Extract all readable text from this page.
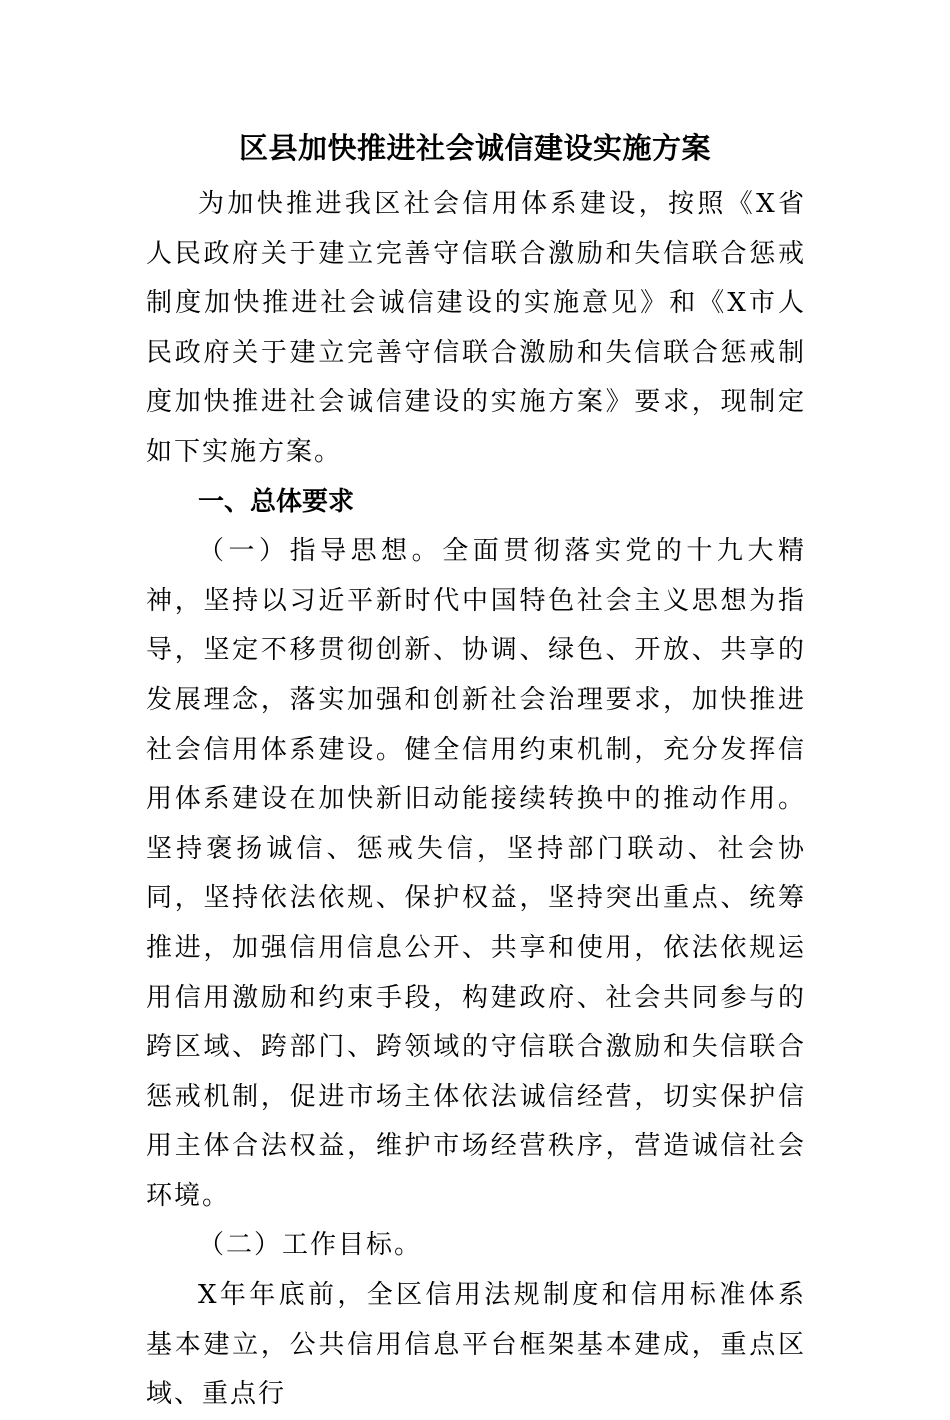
区县加快推进社会诚信建设实施方案

为加快推进我区社会信用体系建设，按照《X省人民政府关于建立完善守信联合激励和失信联合惩戒制度加快推进社会诚信建设的实施意见》和《X市人民政府关于建立完善守信联合激励和失信联合惩戒制度加快推进社会诚信建设的实施方案》要求，现制定如下实施方案。

一、总体要求

（一）指导思想。全面贯彻落实党的十九大精神，坚持以习近平新时代中国特色社会主义思想为指导，坚定不移贯彻创新、协调、绿色、开放、共享的发展理念，落实加强和创新社会治理要求，加快推进社会信用体系建设。健全信用约束机制，充分发挥信用体系建设在加快新旧动能接续转换中的推动作用。坚持褒扬诚信、惩戒失信，坚持部门联动、社会协同，坚持依法依规、保护权益，坚持突出重点、统筹推进，加强信用信息公开、共享和使用，依法依规运用信用激励和约束手段，构建政府、社会共同参与的跨区域、跨部门、跨领域的守信联合激励和失信联合惩戒机制，促进市场主体依法诚信经营，切实保护信用主体合法权益，维护市场经营秩序，营造诚信社会环境。

（二）工作目标。

X年年底前，全区信用法规制度和信用标准体系基本建立，公共信用信息平台框架基本建成，重点区域、重点行
